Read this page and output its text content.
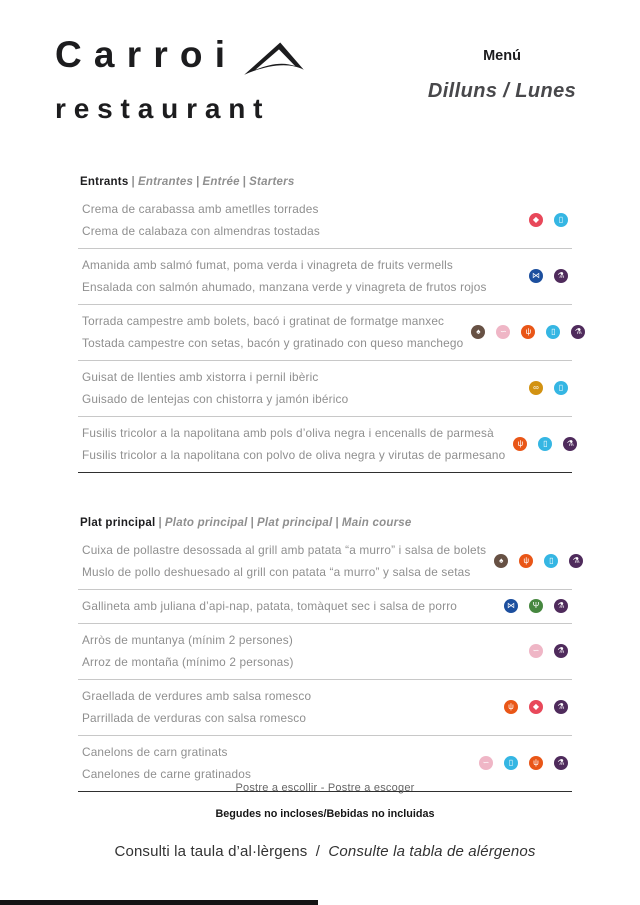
Carroi
restaurant
Menú
Dilluns / Lunes
Entrants | Entrantes | Entrée | Starters
Crema de carabassa amb ametlles torrades
Crema de calabaza con almendras tostadas
◆ ▯
Amanida amb salmó fumat, poma verda i vinagreta de fruits vermells
Ensalada con salmón ahumado, manzana verde y vinagreta de frutos rojos
⋈ ⚗
Torrada campestre amb bolets, bacó i gratinat de formatge manxec
Tostada campestre con setas, bacón y gratinado con queso manchego
♠ ∽ ψ ▯ ⚗
Guisat de llenties amb xistorra i pernil ibèric
Guisado de lentejas con chistorra y jamón ibérico
∞ ▯
Fusilis tricolor a la napolitana amb pols d’oliva negra i encenalls de parmesà
Fusilis tricolor a la napolitana con polvo de oliva negra y virutas de parmesano
ψ ▯ ⚗
Plat principal | Plato principal | Plat principal | Main course
Cuixa de pollastre desossada al grill amb patata “a murro” i salsa de bolets
Muslo de pollo deshuesado al grill con patata “a murro” y salsa de setas
♠	ψ ▯ ⚗
Gallineta amb juliana d’api-nap, patata, tomàquet sec i salsa de porro	⋈ Ψ ⚗
Arròs de muntanya (mínim 2 persones)
Arroz de montaña (mínimo 2 personas)
∽ ⚗
Graellada de verdures amb salsa romesco
Parrillada de verduras con salsa romesco
ψ ◆ ⚗
Canelons de carn gratinats
Canelones de carne gratinados
∽ ▯ ψ ⚗
Postre a escollir - Postre a escoger
Begudes no incloses/Bebidas no incluidas
Consulti la taula d’al·lèrgens / Consulte la tabla de alérgenos
